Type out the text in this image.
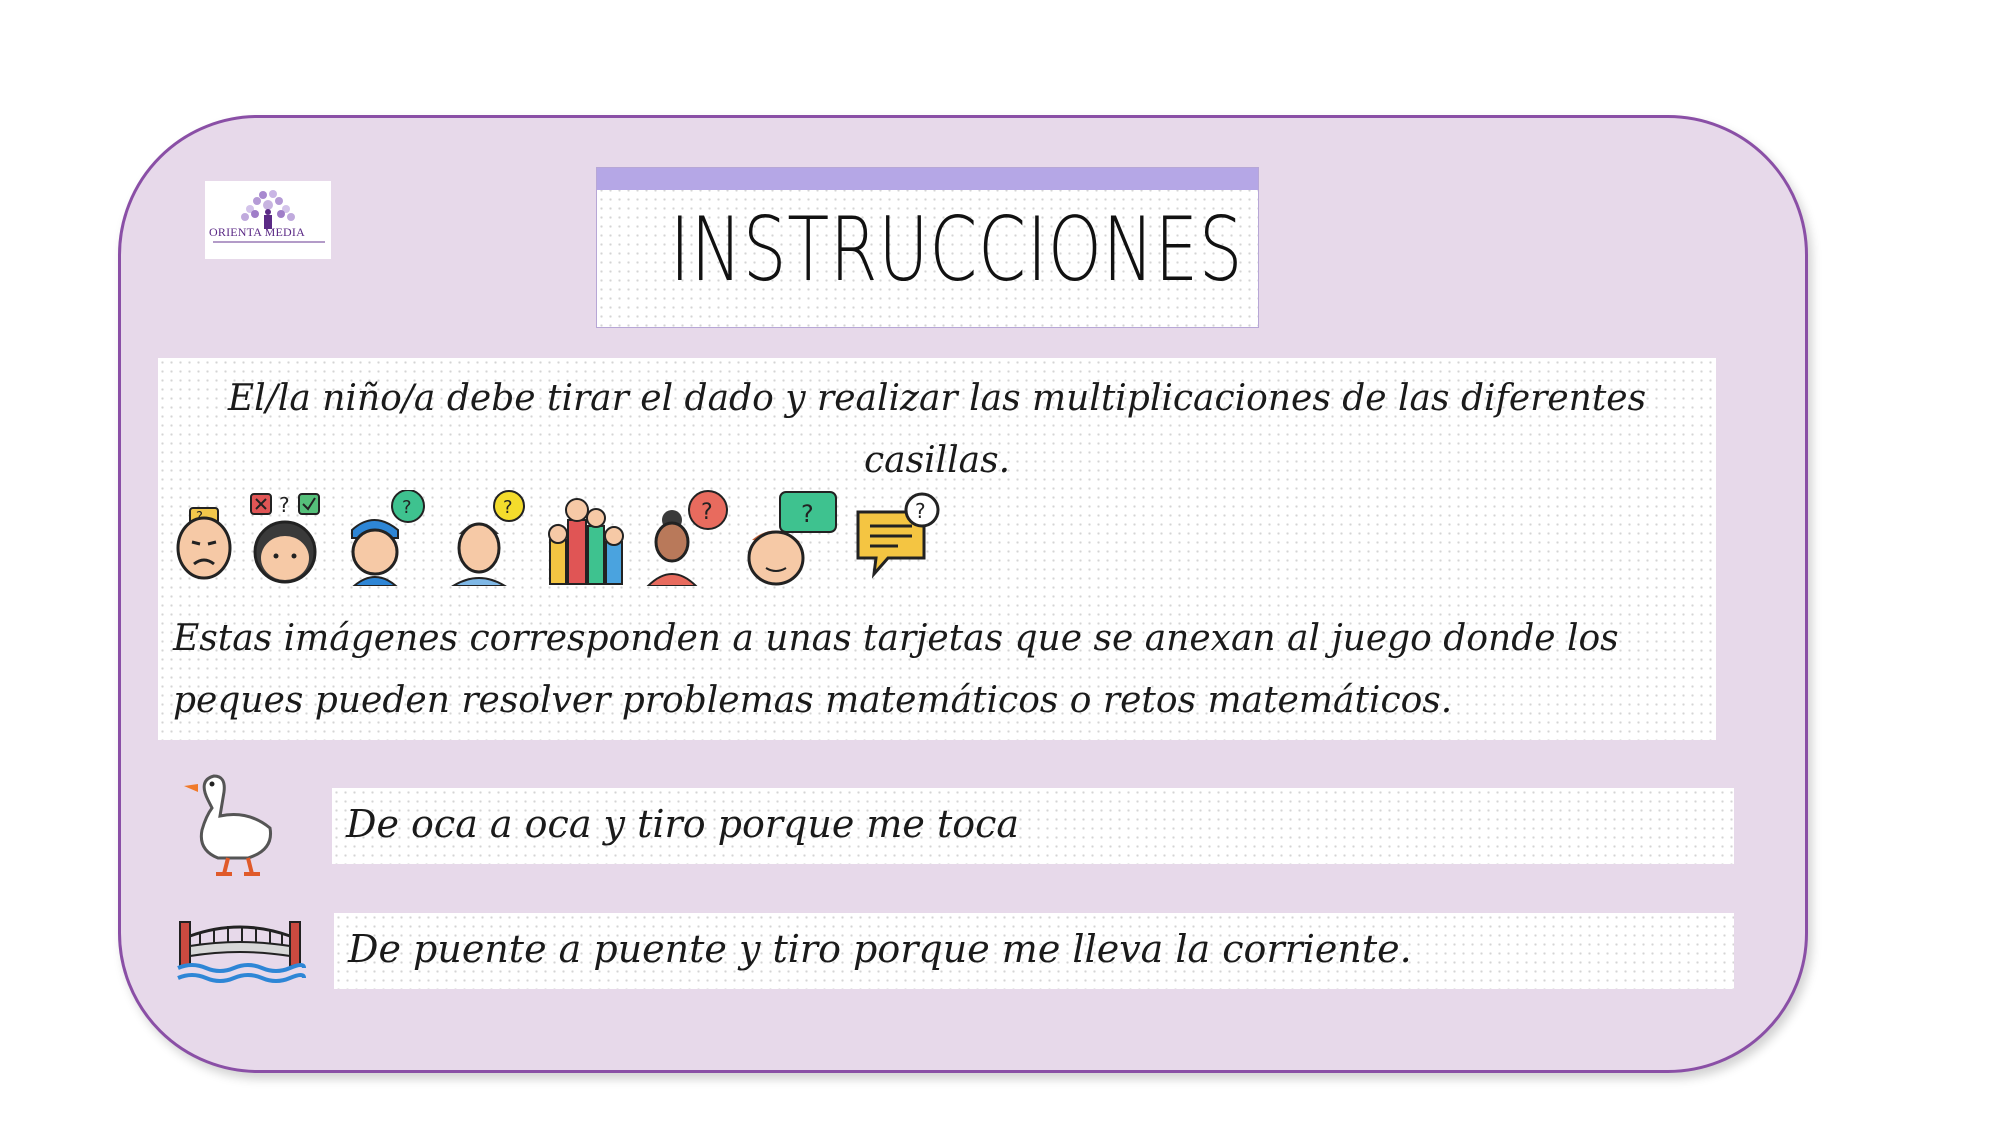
ORIENTA MEDIA	INSTRUCCIONES
El/la niño/a debe tirar el dado y realizar las multiplicaciones de las diferentes casillas.
Estas imágenes corresponden a unas tarjetas que se anexan al juego donde los peques pueden resolver problemas matemáticos o retos matemáticos.
?	?	?	?	?	?
De oca a oca y tiro porque me toca
De puente a puente y tiro porque me lleva la corriente.
